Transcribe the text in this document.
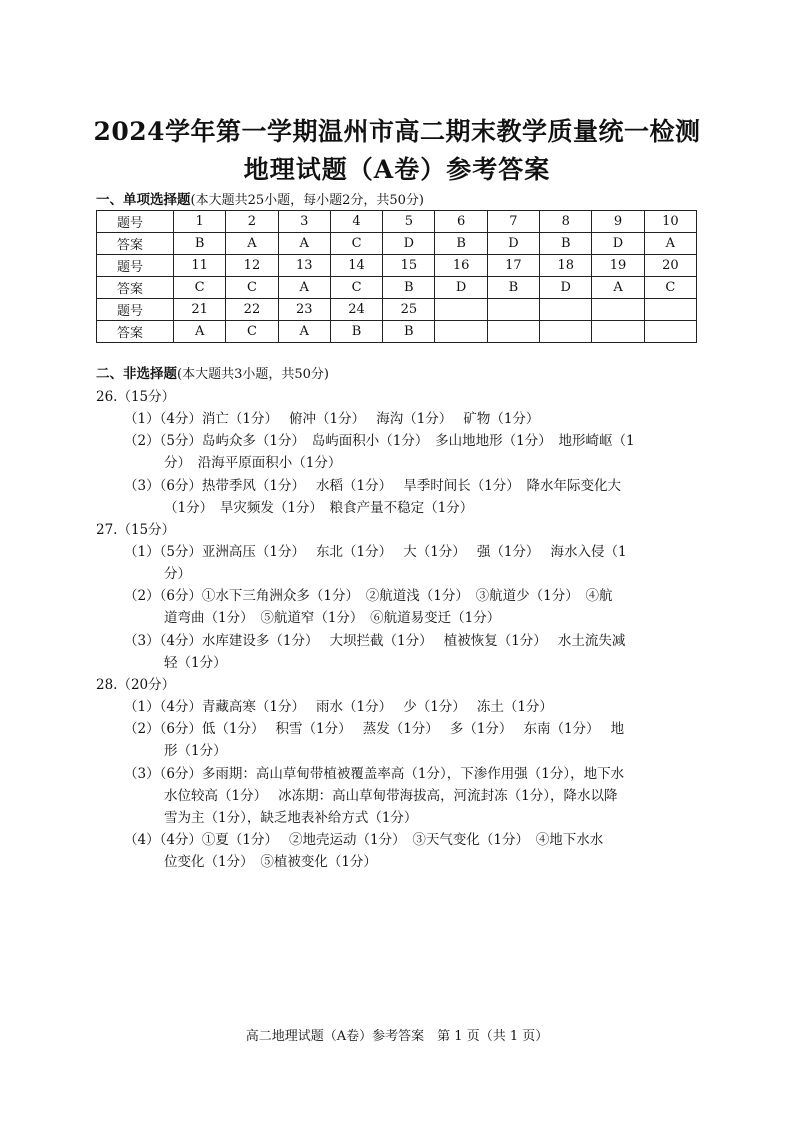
2024学年第一学期温州市高二期末教学质量统一检测
地理试题（A卷）参考答案
一、单项选择题(本大题共25小题，每小题2分，共50分)
题号	1	2	3	4	5	6	7	8	9	10
答案	B	A	A	C	D	B	D	B	D	A
题号	11	12	13	14	15	16	17	18	19	20
答案	C	C	A	C	B	D	B	D	A	C
题号	21	22	23	24	25					
答案	A	C	A	B	B					
二、非选择题(本大题共3小题，共50分)
26.（15分）
（1）（4分）消亡（1分）　 俯冲（1分）　 海沟（1分）　 矿物（1分）
（2）（5分）岛屿众多（1分）　岛屿面积小（1分）　多山地地形（1分）　地形崎岖（1
分）　沿海平原面积小（1分）
（3）（6分）热带季风（1分）　 水稻（1分）　 旱季时间长（1分）　降水年际变化大
（1分）　旱灾频发（1分）　粮食产量不稳定（1分）
27.（15分）
（1）（5分）亚洲高压（1分）　 东北（1分）　 大（1分）　 强（1分）　 海水入侵（1
分）
（2）（6分）①水下三角洲众多（1分）　②航道浅（1分）　③航道少（1分）　④航
道弯曲（1分）　⑤航道窄（1分）　⑥航道易变迁（1分）
（3）（4分）水库建设多（1分）　 大坝拦截（1分）　 植被恢复（1分）　 水土流失减
轻（1分）
28.（20分）
（1）（4分）青藏高寒（1分）　 雨水（1分）　 少（1分）　 冻土（1分）
（2）（6分）低（1分）　 积雪（1分）　 蒸发（1分）　 多（1分）　 东南（1分）　 地
形（1分）
（3）（6分）多雨期：高山草甸带植被覆盖率高（1分），下渗作用强（1分），地下水
水位较高（1分）　 冰冻期：高山草甸带海拔高，河流封冻（1分），降水以降
雪为主（1分），缺乏地表补给方式（1分）
（4）（4分）①夏（1分）　 ②地壳运动（1分）　③天气变化（1分）　④地下水水
位变化（1分）　⑤植被变化（1分）
高二地理试题（A卷）参考答案　第 1 页（共 1 页）
